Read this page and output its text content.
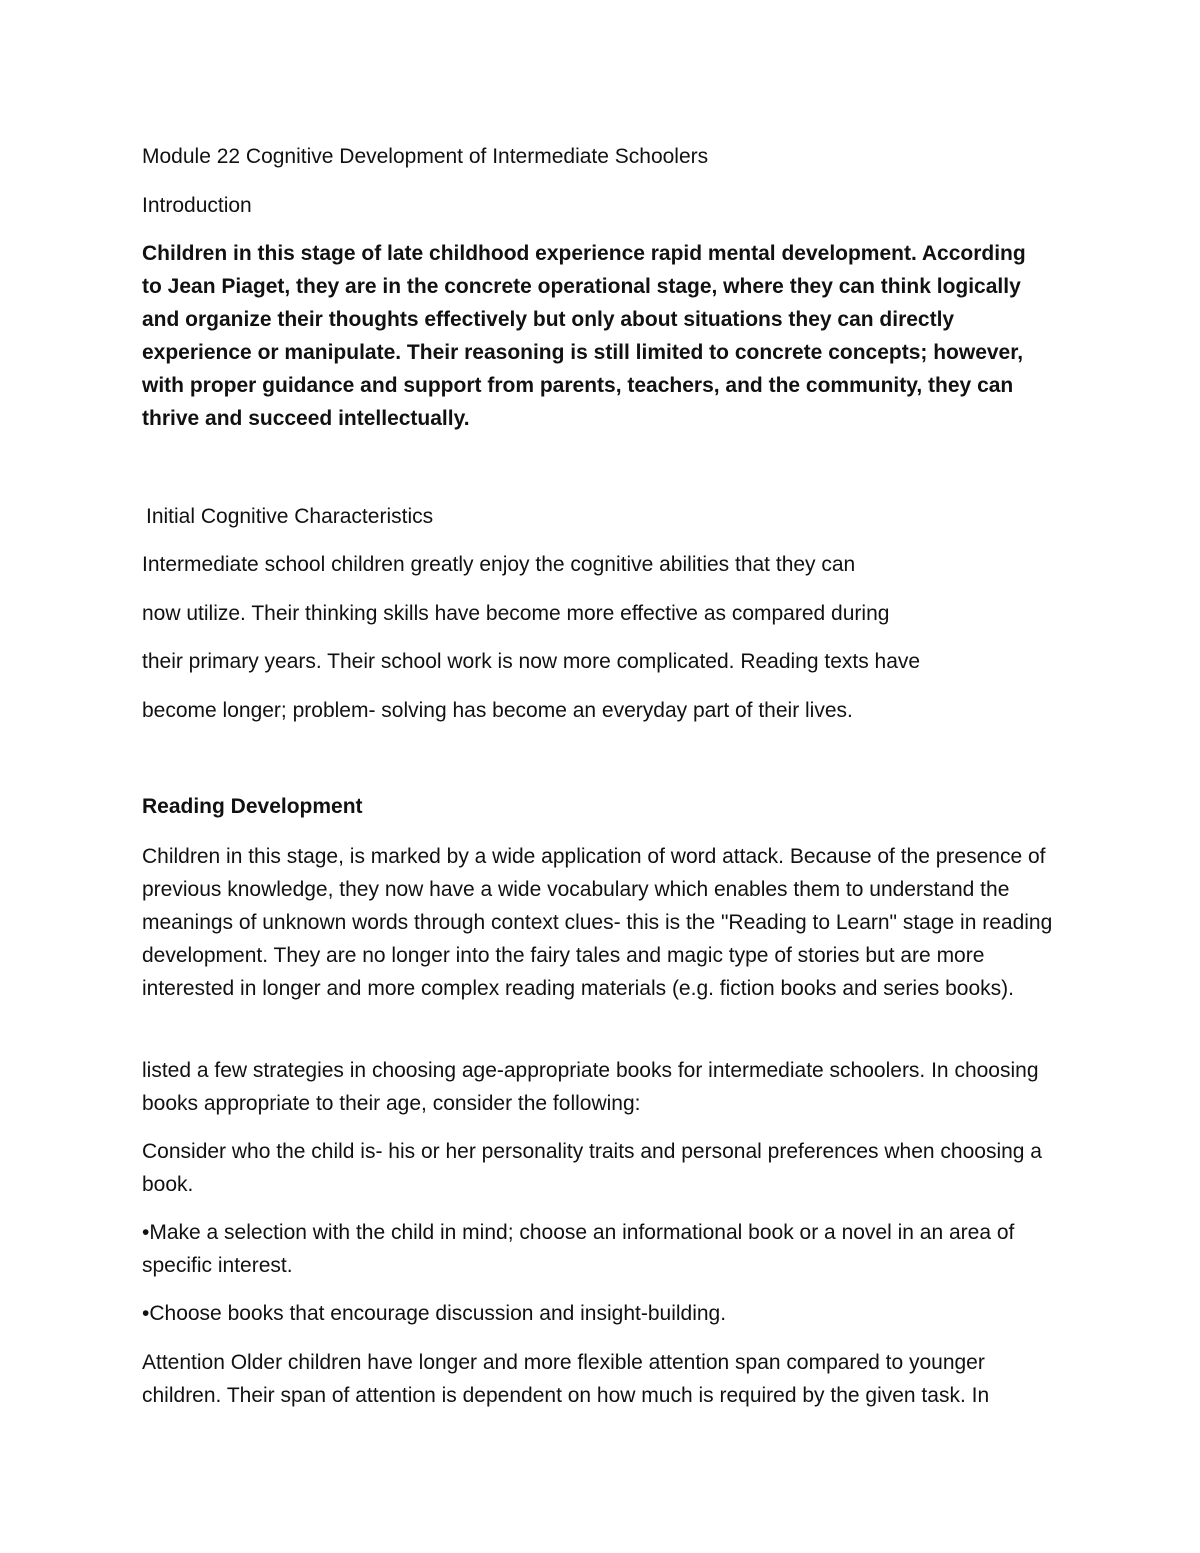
Module 22 Cognitive Development of Intermediate Schoolers

Introduction

Children in this stage of late childhood experience rapid mental development. According to Jean Piaget, they are in the concrete operational stage, where they can think logically and organize their thoughts effectively but only about situations they can directly experience or manipulate. Their reasoning is still limited to concrete concepts; however, with proper guidance and support from parents, teachers, and the community, they can thrive and succeed intellectually.

Initial Cognitive Characteristics

Intermediate school children greatly enjoy the cognitive abilities that they can

now utilize. Their thinking skills have become more effective as compared during

their primary years. Their school work is now more complicated. Reading texts have

become longer; problem- solving has become an everyday part of their lives.

Reading Development

Children in this stage, is marked by a wide application of word attack. Because of the presence of previous knowledge, they now have a wide vocabulary which enables them to understand the meanings of unknown words through context clues- this is the "Reading to Learn" stage in reading development. They are no longer into the fairy tales and magic type of stories but are more interested in longer and more complex reading materials (e.g. fiction books and series books).

listed a few strategies in choosing age-appropriate books for intermediate schoolers. In choosing books appropriate to their age, consider the following:

Consider who the child is- his or her personality traits and personal preferences when choosing a book.

•Make a selection with the child in mind; choose an informational book or a novel in an area of specific interest.

•Choose books that encourage discussion and insight-building.

Attention Older children have longer and more flexible attention span compared to younger children. Their span of attention is dependent on how much is required by the given task. In
